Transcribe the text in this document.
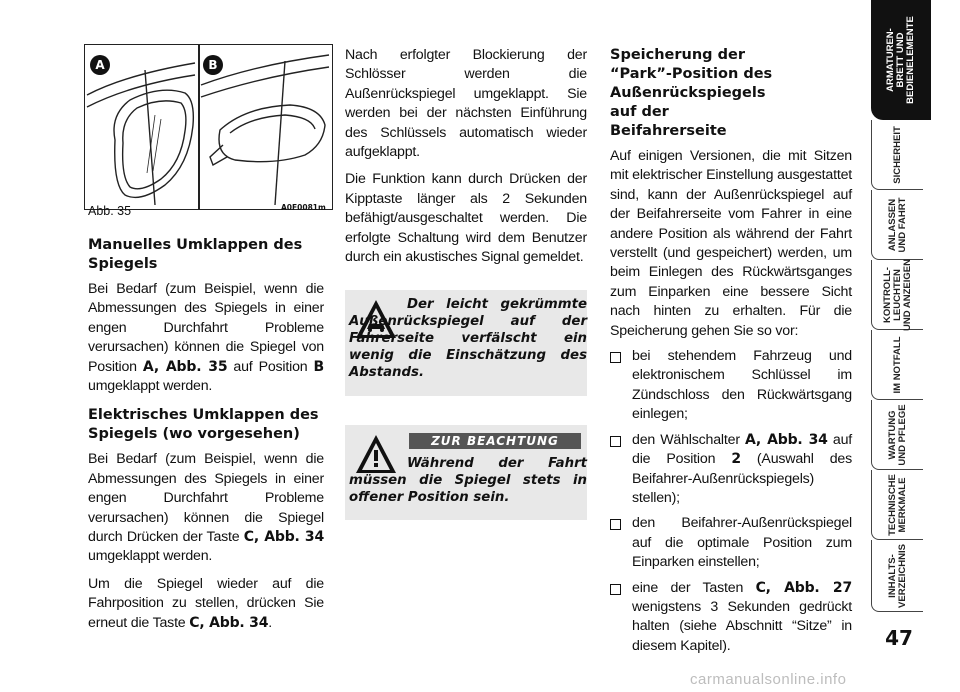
A	B
Abb. 35	A0F0081m
Manuelles Umklappen des Spiegels

Bei Bedarf (zum Beispiel, wenn die Abmessungen des Spiegels in einer engen Durchfahrt Probleme verursachen) können die Spiegel von Position A, Abb. 35 auf Position B umgeklappt werden.

Elektrisches Umklappen des Spiegels (wo vorgesehen)

Bei Bedarf (zum Beispiel, wenn die Abmessungen des Spiegels in einer engen Durchfahrt Probleme verursachen) können die Spiegel durch Drücken der Taste C, Abb. 34 umgeklappt werden.

Um die Spiegel wieder auf die Fahrposition zu stellen, drücken Sie erneut die Taste C, Abb. 34.

Nach erfolgter Blockierung der Schlösser werden die Außenrückspiegel umgeklappt. Sie werden bei der nächsten Einführung des Schlüssels automatisch wieder aufgeklappt.

Die Funktion kann durch Drücken der Kipptaste länger als 2 Sekunden befähigt/ausgeschaltet werden. Die erfolgte Schaltung wird dem Benutzer durch ein akustisches Signal gemeldet.

Der leicht gekrümmte Außenrückspiegel auf der Fahrerseite verfälscht ein wenig die Einschätzung des Abstands.
ZUR BEACHTUNG
Während der Fahrt müssen die Spiegel stets in offener Position sein.
Speicherung der “Park”-Position des Außenrückspiegels auf der Beifahrerseite

Auf einigen Versionen, die mit Sitzen mit elektrischer Einstellung ausgestattet sind, kann der Außenrückspiegel auf der Beifahrerseite vom Fahrer in eine andere Position als während der Fahrt verstellt (und gespeichert) werden, um beim Einlegen des Rückwärtsganges zum Einparken eine bessere Sicht nach hinten zu erhalten. Für die Speicherung gehen Sie so vor:

bei stehendem Fahrzeug und elektronischem Schlüssel im Zündschloss den Rückwärtsgang einlegen;
den Wählschalter A, Abb. 34 auf die Position 2 (Auswahl des Beifahrer-Außenrückspiegels) stellen);
den Beifahrer-Außenrückspiegel auf die optimale Position zum Einparken einstellen;
eine der Tasten C, Abb. 27 wenigstens 3 Sekunden gedrückt halten (siehe Abschnitt “Sitze” in diesem Kapitel).
ARMATUREN-
BRETT UND
BEDIENELEMENTE
SICHERHEIT
ANLASSEN
UND FAHRT
KONTROLL-
LEUCHTEN
UND ANZEIGEN
IM NOTFALL
WARTUNG
UND PFLEGE
TECHNISCHE
MERKMALE
INHALTS-
VERZEICHNIS
47
carmanualsonline.info
